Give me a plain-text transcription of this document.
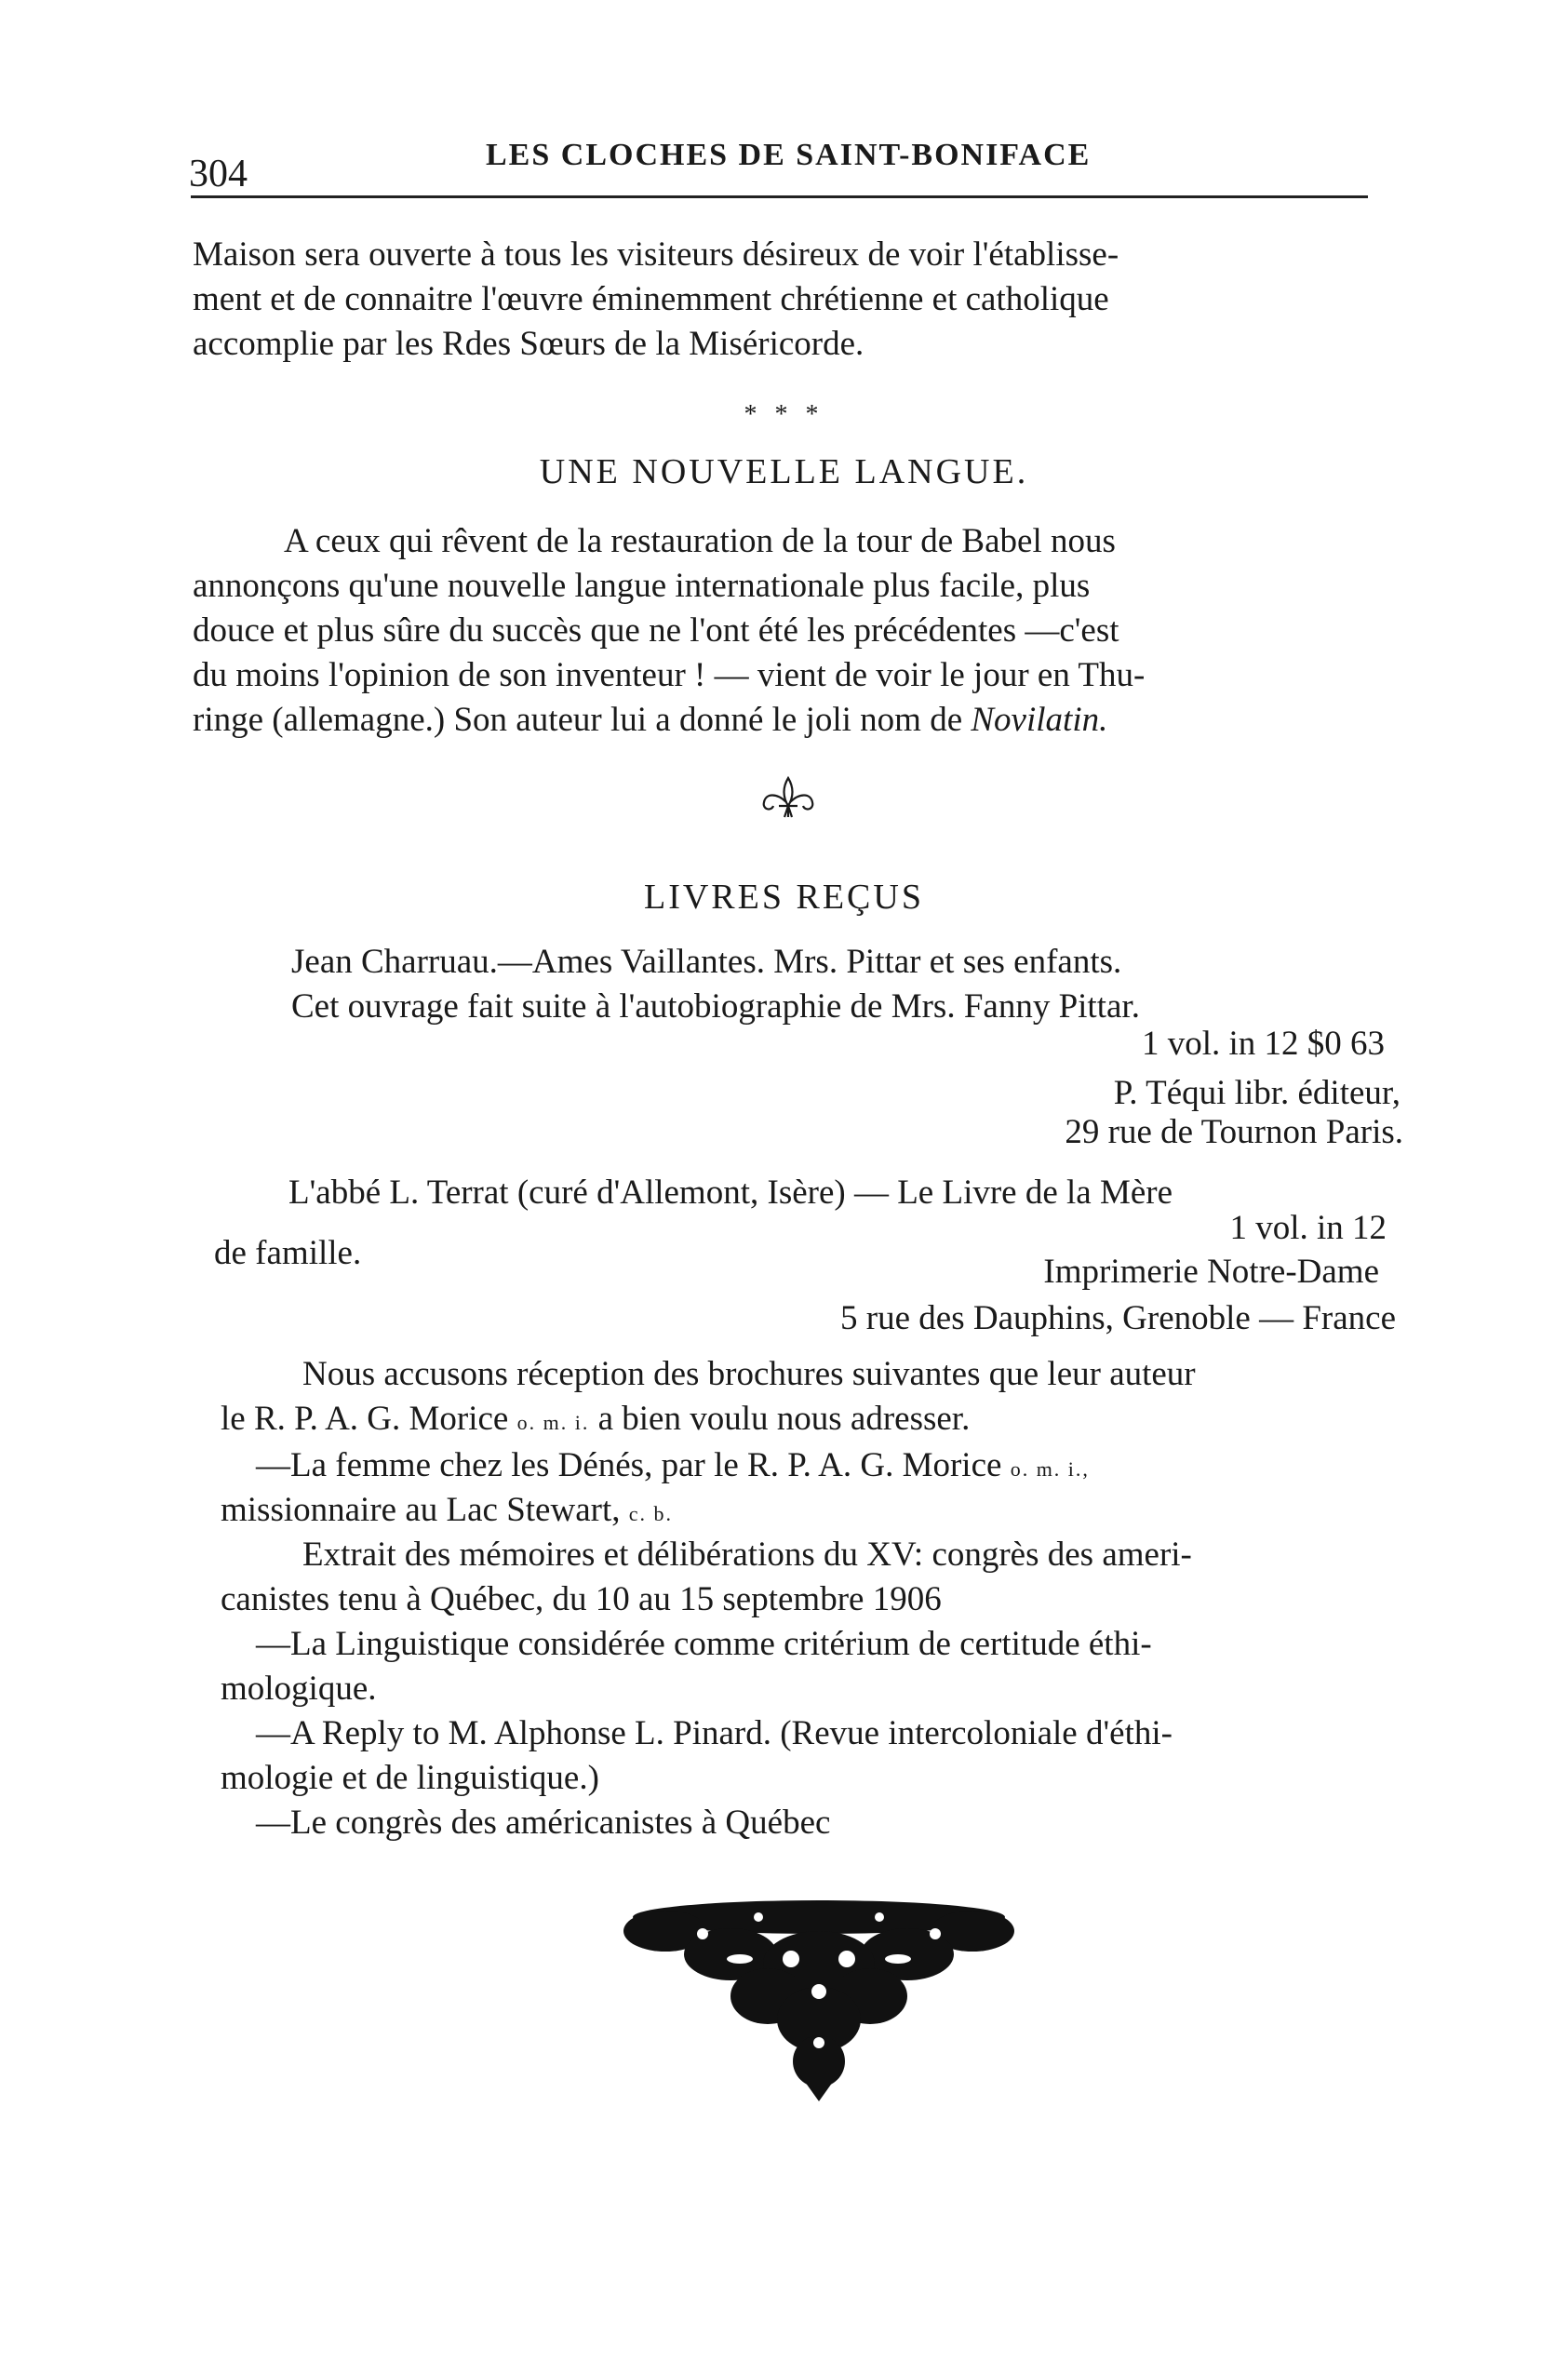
304	LES CLOCHES DE SAINT-BONIFACE
Maison sera ouverte à tous les visiteurs désireux de voir l'établisse-
ment et de connaitre l'œuvre éminemment chrétienne et catholique
accomplie par les Rdes Sœurs de la Miséricorde.
* * *
UNE NOUVELLE LANGUE.
A ceux qui rêvent de la restauration de la tour de Babel nous
annonçons qu'une nouvelle langue internationale plus facile, plus
douce et plus sûre du succès que ne l'ont été les précédentes —c'est
du moins l'opinion de son inventeur ! — vient de voir le jour en Thu-
ringe (allemagne.) Son auteur lui a donné le joli nom de Novilatin.
LIVRES REÇUS
Jean Charruau.—Ames Vaillantes. Mrs. Pittar et ses enfants.
Cet ouvrage fait suite à l'autobiographie de Mrs. Fanny Pittar.
1 vol. in 12 $0 63
P. Téqui libr. éditeur,
29 rue de Tournon Paris.
L'abbé L. Terrat (curé d'Allemont, Isère) — Le Livre de la Mère
1 vol. in 12
de famille.	Imprimerie Notre-Dame
5 rue des Dauphins, Grenoble — France
Nous accusons réception des brochures suivantes que leur auteur
le R. P. A. G. Morice o. m. i. a bien voulu nous adresser.
—La femme chez les Dénés, par le R. P. A. G. Morice o. m. i.,
missionnaire au Lac Stewart, c. b.
Extrait des mémoires et délibérations du XV: congrès des ameri-
canistes tenu à Québec, du 10 au 15 septembre 1906
—La Linguistique considérée comme critérium de certitude éthi-
mologique.
—A Reply to M. Alphonse L. Pinard. (Revue intercoloniale d'éthi-
mologie et de linguistique.)
—Le congrès des américanistes à Québec
